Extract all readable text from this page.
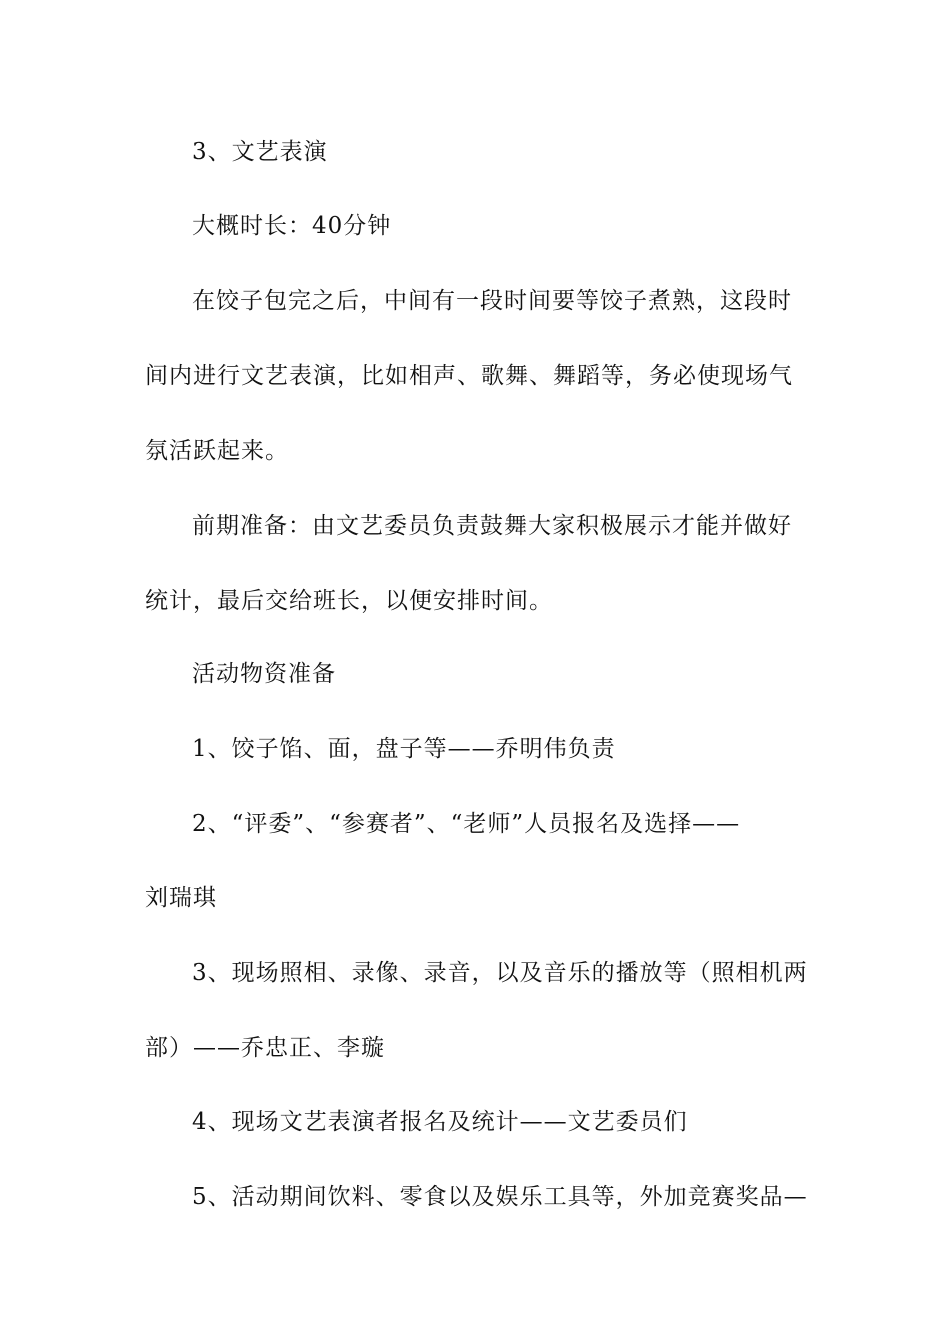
3、文艺表演
大概时长：40分钟
在饺子包完之后，中间有一段时间要等饺子煮熟，这段时
间内进行文艺表演，比如相声、歌舞、舞蹈等，务必使现场气
氛活跃起来。
前期准备：由文艺委员负责鼓舞大家积极展示才能并做好
统计，最后交给班长，以便安排时间。
活动物资准备
1、饺子馅、面，盘子等——乔明伟负责
2、“评委”、“参赛者”、“老师”人员报名及选择——
刘瑞琪
3、现场照相、录像、录音，以及音乐的播放等（照相机两
部）——乔忠正、李璇
4、现场文艺表演者报名及统计——文艺委员们
5、活动期间饮料、零食以及娱乐工具等，外加竞赛奖品—
